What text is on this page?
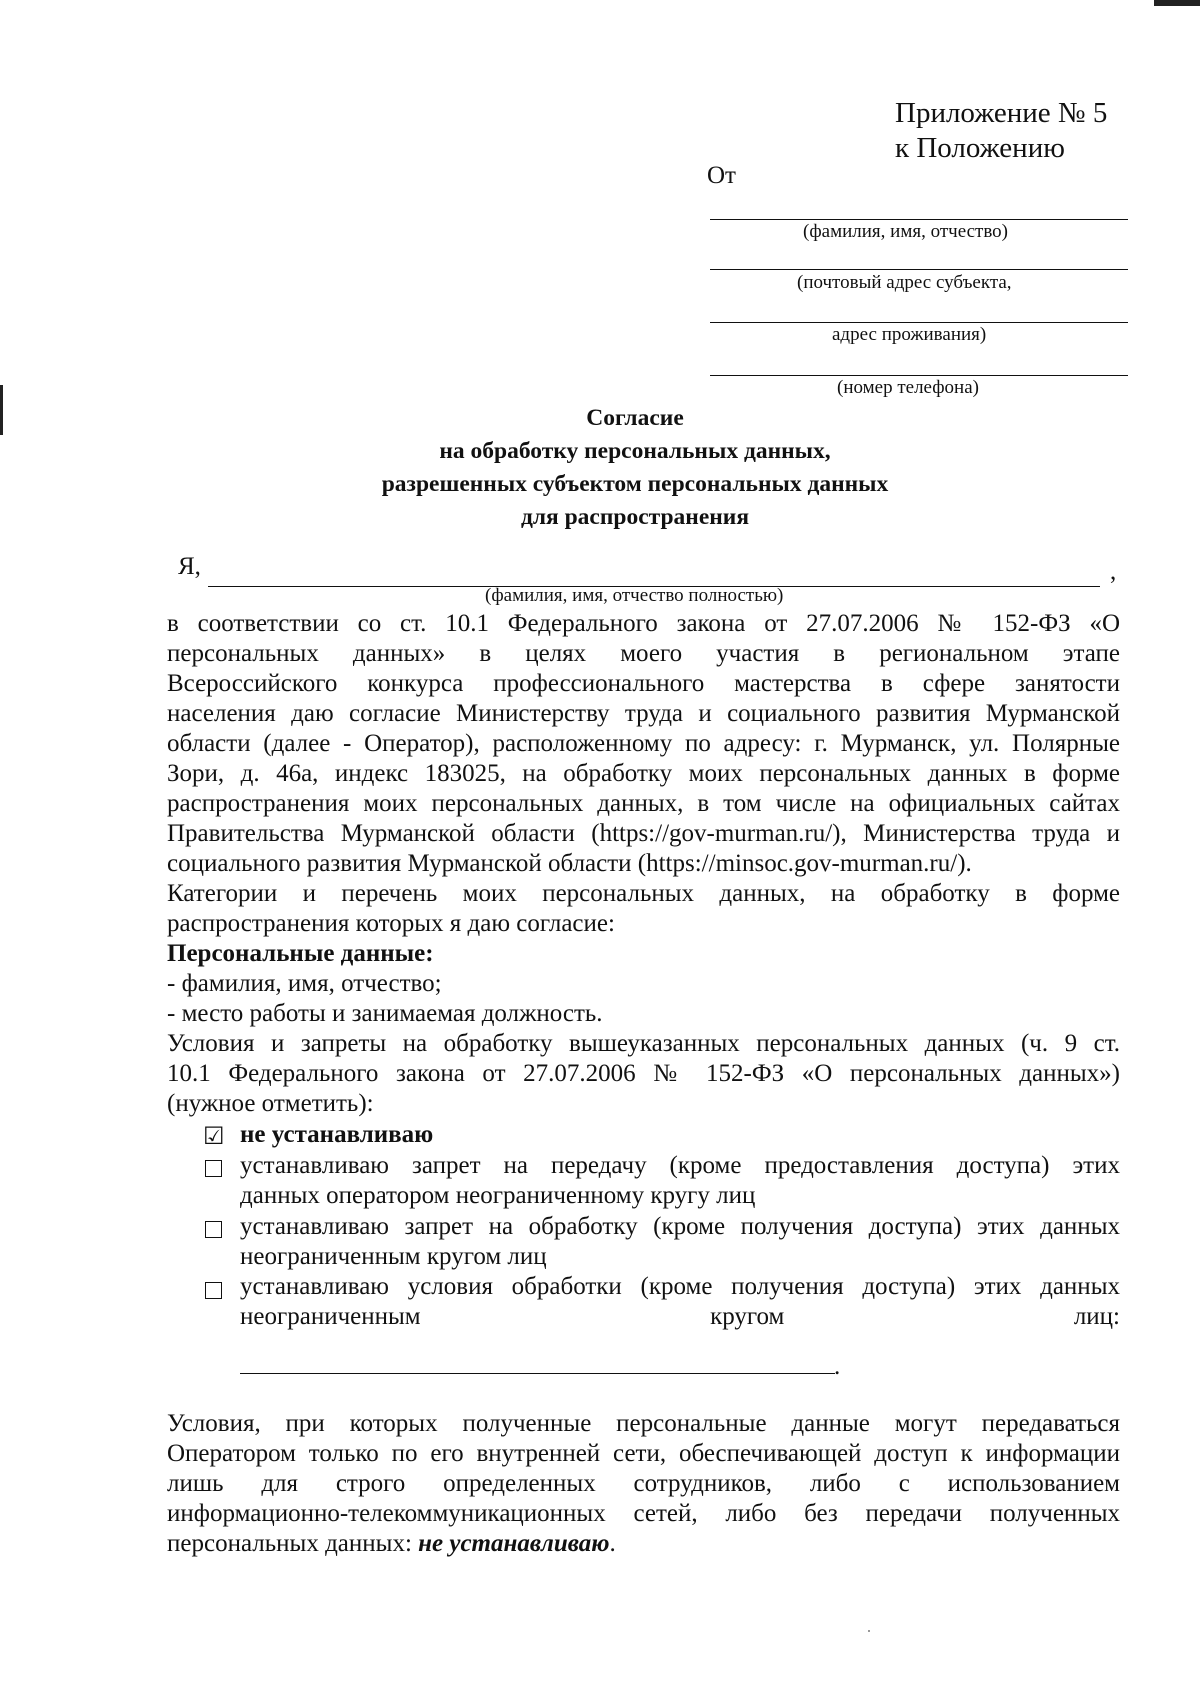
Приложение № 5
к Положению
От
(фамилия, имя, отчество)
(почтовый адрес субъекта,
адрес проживания)
(номер телефона)
Согласие
на обработку персональных данных,
разрешенных субъектом персональных данных
для распространения
Я,	,
(фамилия, имя, отчество полностью)
в соответствии со ст. 10.1 Федерального закона от 27.07.2006 № 152-ФЗ «О
персональных данных» в целях моего участия в региональном этапе
Всероссийского конкурса профессионального мастерства в сфере занятости
населения даю согласие Министерству труда и социального развития Мурманской
области (далее - Оператор), расположенному по адресу: г. Мурманск, ул. Полярные
Зори, д. 46а, индекс 183025, на обработку моих персональных данных в форме
распространения моих персональных данных, в том числе на официальных сайтах
Правительства Мурманской области (https://gov-murman.ru/), Министерства труда и
социального развития Мурманской области (https://minsoc.gov-murman.ru/).
Категории и перечень моих персональных данных, на обработку в форме
распространения которых я даю согласие:
Персональные данные:
- фамилия, имя, отчество;
- место работы и занимаемая должность.
Условия и запреты на обработку вышеуказанных персональных данных (ч. 9 ст.
10.1 Федерального закона от 27.07.2006 № 152-ФЗ «О персональных данных»)
(нужное отметить):
☑ не устанавливаю
устанавливаю запрет на передачу (кроме предоставления доступа) этих
данных оператором неограниченному кругу лиц
устанавливаю запрет на обработку (кроме получения доступа) этих данных
неограниченным кругом лиц
устанавливаю условия обработки (кроме получения доступа) этих данных
неограниченным	кругом	лиц:
.
Условия, при которых полученные персональные данные могут передаваться
Оператором только по его внутренней сети, обеспечивающей доступ к информации
лишь для строго определенных сотрудников, либо с использованием
информационно-телекоммуникационных сетей, либо без передачи полученных
персональных данных: не устанавливаю.
